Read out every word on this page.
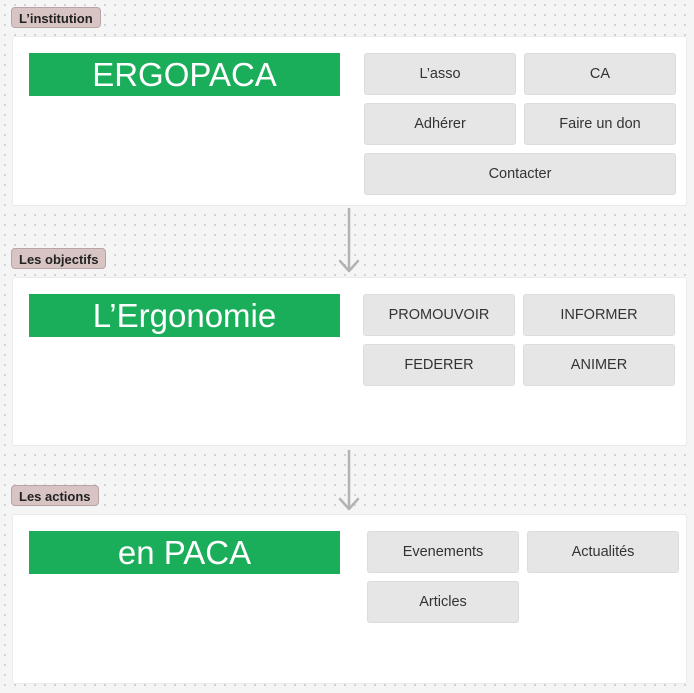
L’institution
ERGOPACA	L’asso	CA
Adhérer	Faire un don
Contacter
Les objectifs
L’Ergonomie	PROMOUVOIR	INFORMER
FEDERER	ANIMER
Les actions
en PACA	Evenements	Actualités
Articles
